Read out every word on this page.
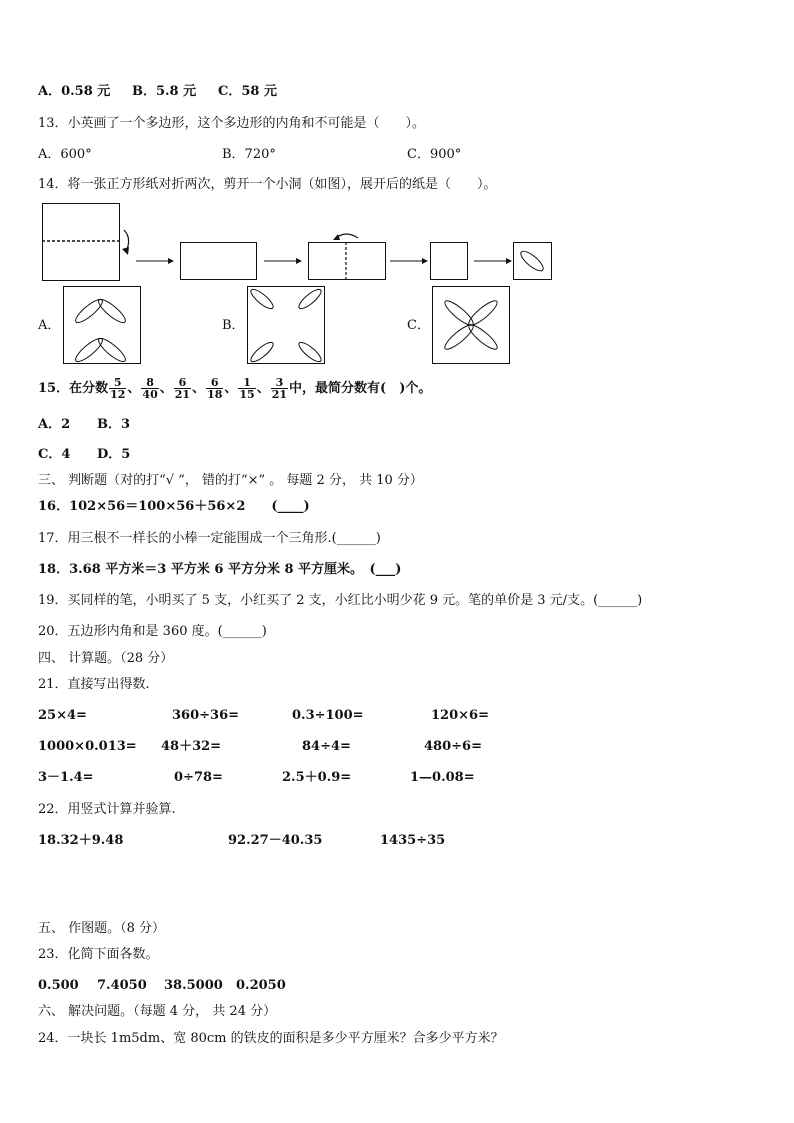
A．0.58 元 B．5.8 元 C．58 元
13．小英画了一个多边形，这个多边形的内角和不可能是（　　）。
A．600°	B．720°	C．900°
14．将一张正方形纸对折两次，剪开一个小洞（如图），展开后的纸是（　　）。
A．	B．	C．
15．在分数 $\frac{5}{12}$ 、 $\frac{8}{40}$ 、 $\frac{6}{21}$ 、 $\frac{6}{18}$ 、 $\frac{1}{15}$ 、 $\frac{3}{21}$ 中，最简分数有(　)个。
A．2 B．3
C．4 D．5
三、 判断题（对的打“√ ”， 错的打“×” 。 每题 2 分， 共 10 分）
16．102×56＝100×56＋56×2　　(____)
17．用三根不一样长的小棒一定能围成一个三角形.(______)
18．3.68 平方米＝3 平方米 6 平方分米 8 平方厘米。　(___)
19．买同样的笔，小明买了 5 支，小红买了 2 支，小红比小明少花 9 元。笔的单价是 3 元/支。(______)
20．五边形内角和是 360 度。(______)
四、 计算题。（28 分）
21．直接写出得数.
25×4=	360÷36=	0.3÷100=	120×6=
1000×0.013= 48＋32=	84÷4=	480÷6=
3－1.4=	0÷78=	2.5＋0.9=	1—0.08=
22．用竖式计算并验算.
18.32＋9.48	92.27－40.35	1435÷35
五、 作图题。（8 分）
23．化简下面各数。
0.500 7.4050 38.5000 0.2050
六、 解决问题。（每题 4 分， 共 24 分）
24．一块长 1m5dm、宽 80cm 的铁皮的面积是多少平方厘米？合多少平方米？
